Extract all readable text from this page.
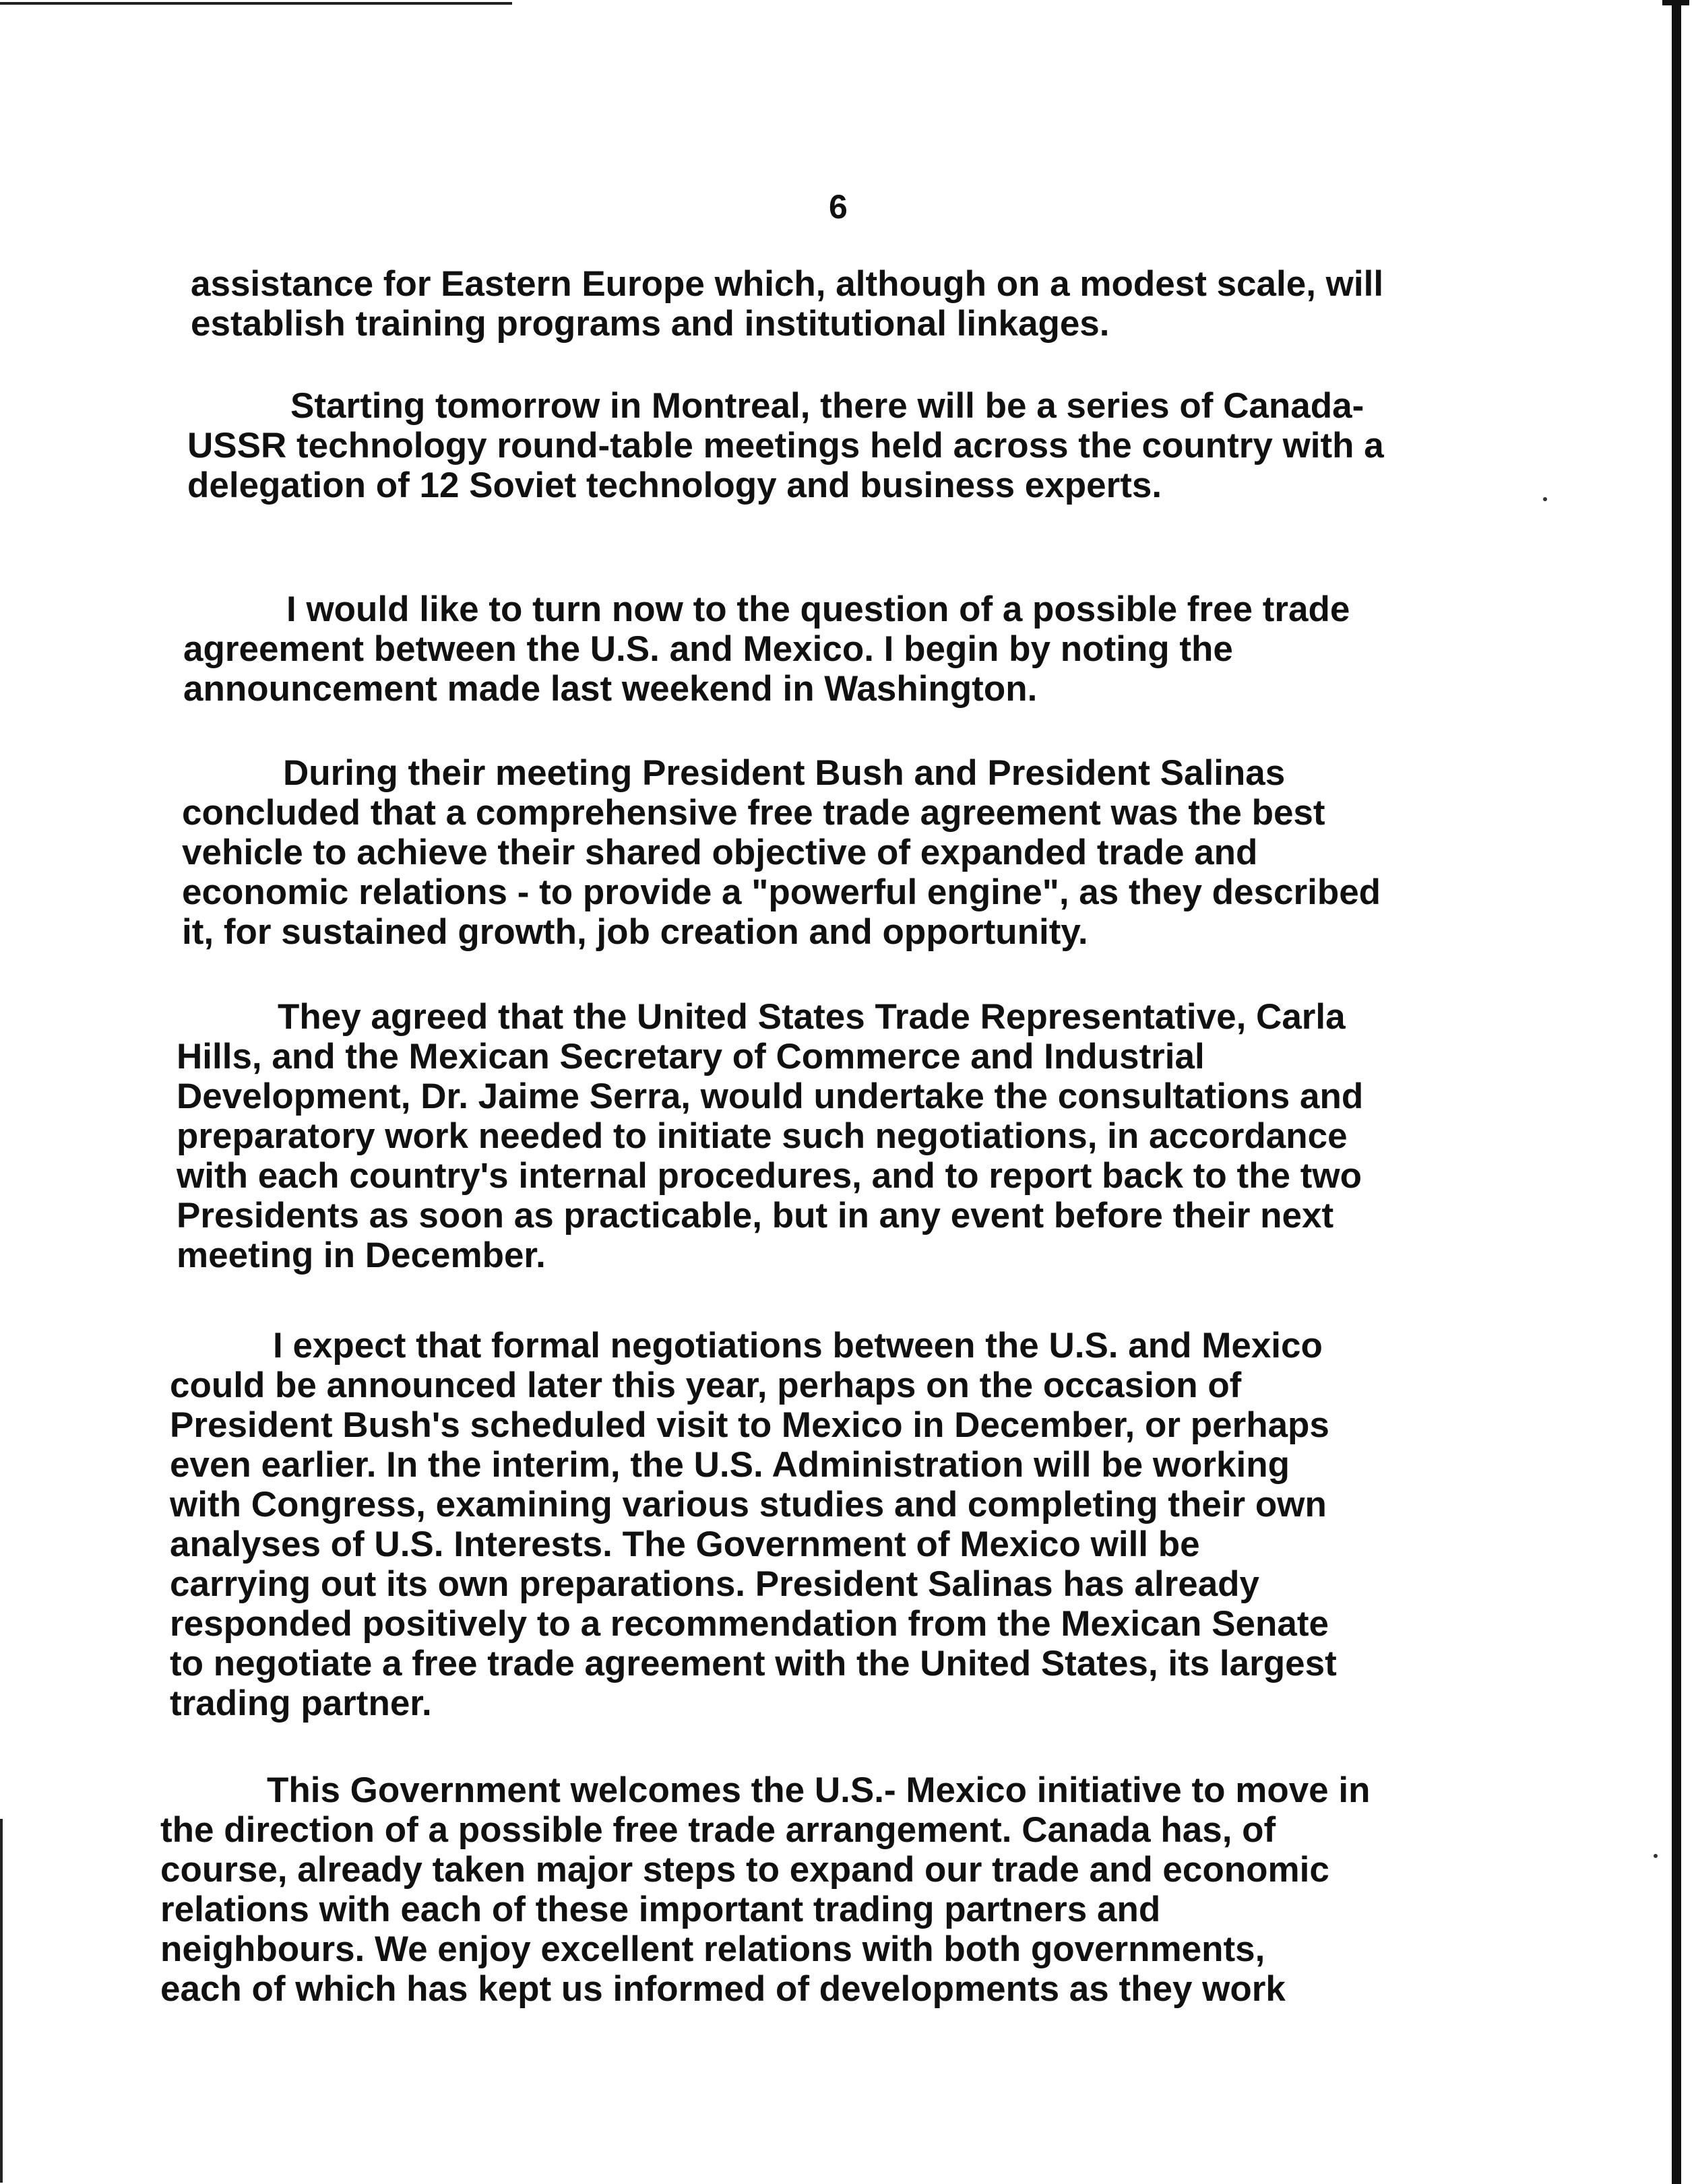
6

assistance for Eastern Europe which, although on a modest scale, will
establish training programs and institutional linkages.

Starting tomorrow in Montreal, there will be a series of Canada-
USSR technology round-table meetings held across the country with a
delegation of 12 Soviet technology and business experts.

I would like to turn now to the question of a possible free trade
agreement between the U.S. and Mexico. I begin by noting the
announcement made last weekend in Washington.

During their meeting President Bush and President Salinas
concluded that a comprehensive free trade agreement was the best
vehicle to achieve their shared objective of expanded trade and
economic relations - to provide a "powerful engine", as they described
it, for sustained growth, job creation and opportunity.

They agreed that the United States Trade Representative, Carla
Hills, and the Mexican Secretary of Commerce and Industrial
Development, Dr. Jaime Serra, would undertake the consultations and
preparatory work needed to initiate such negotiations, in accordance
with each country's internal procedures, and to report back to the two
Presidents as soon as practicable, but in any event before their next
meeting in December.

I expect that formal negotiations between the U.S. and Mexico
could be announced later this year, perhaps on the occasion of
President Bush's scheduled visit to Mexico in December, or perhaps
even earlier. In the interim, the U.S. Administration will be working
with Congress, examining various studies and completing their own
analyses of U.S. Interests. The Government of Mexico will be
carrying out its own preparations. President Salinas has already
responded positively to a recommendation from the Mexican Senate
to negotiate a free trade agreement with the United States, its largest
trading partner.

This Government welcomes the U.S.- Mexico initiative to move in
the direction of a possible free trade arrangement. Canada has, of
course, already taken major steps to expand our trade and economic
relations with each of these important trading partners and
neighbours. We enjoy excellent relations with both governments,
each of which has kept us informed of developments as they work
